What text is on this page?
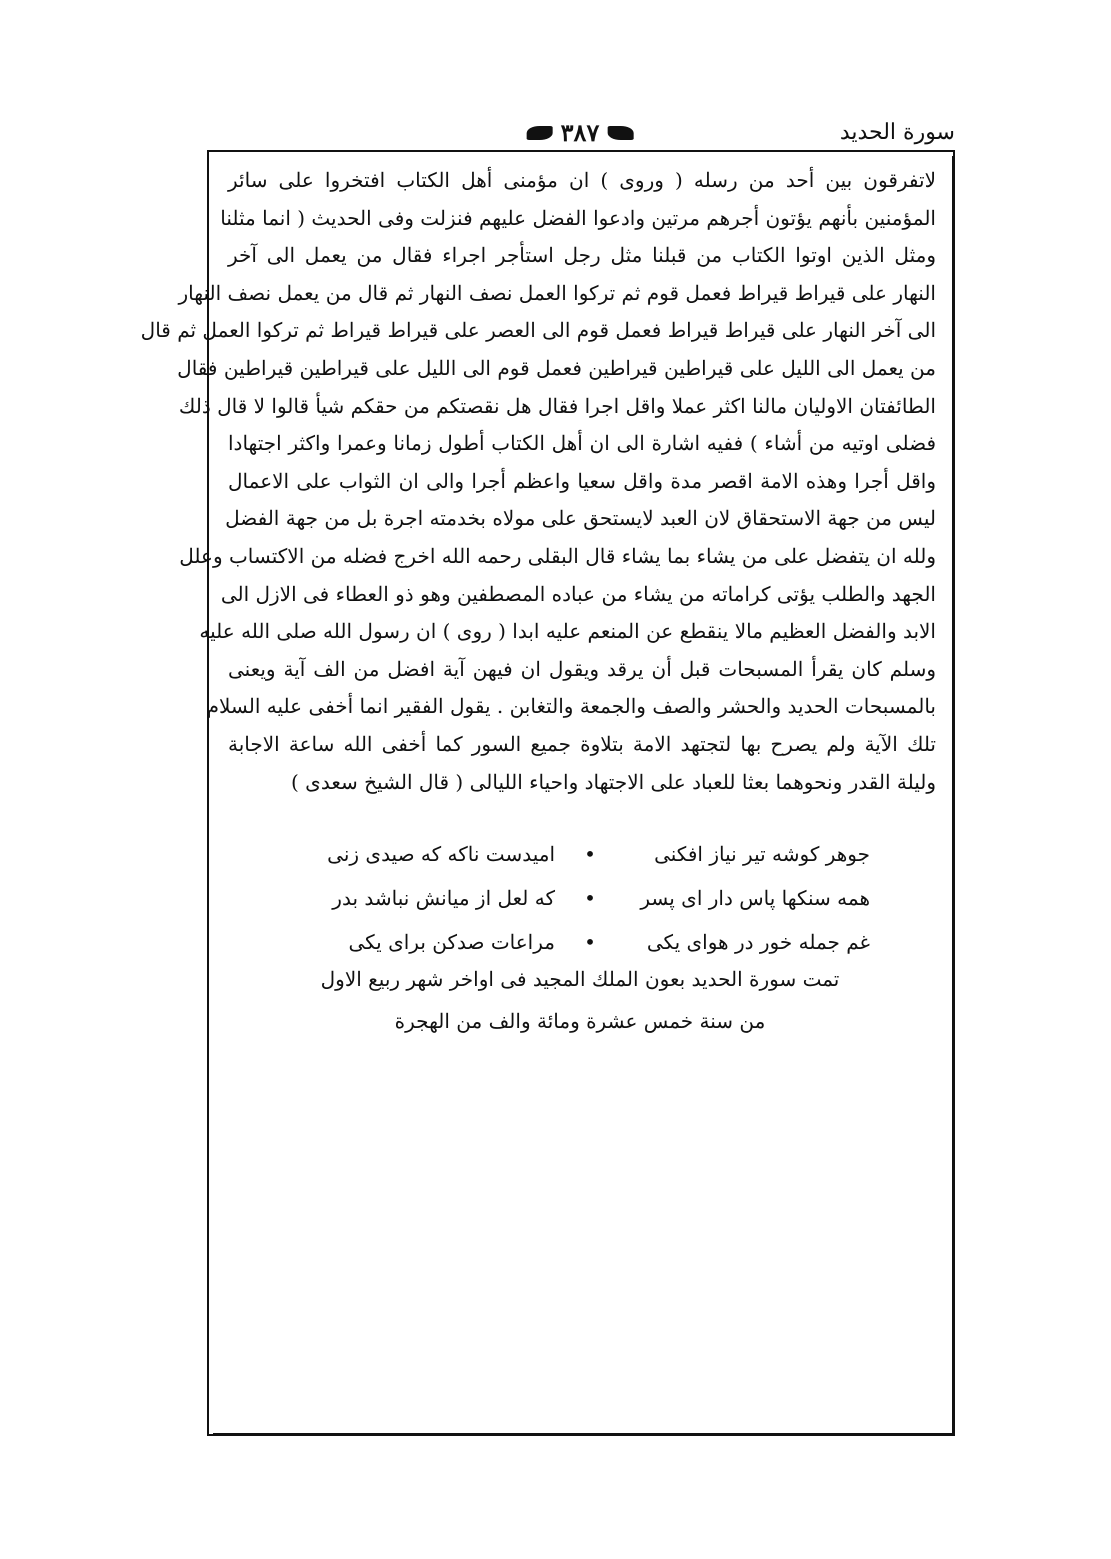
٣٨٧	سورة الحديد
لاتفرقون بين أحد من رسله ( وروى ) ان مؤمنى أهل الكتاب افتخروا على سائر
المؤمنين بأنهم يؤتون أجرهم مرتين وادعوا الفضل عليهم فنزلت وفى الحديث ( انما مثلنا
ومثل الذين اوتوا الكتاب من قبلنا مثل رجل استأجر اجراء فقال من يعمل الى آخر
النهار على قيراط قيراط فعمل قوم ثم تركوا العمل نصف النهار ثم قال من يعمل نصف النهار
الى آخر النهار على قيراط قيراط فعمل قوم الى العصر على قيراط قيراط ثم تركوا العمل ثم قال
من يعمل الى الليل على قيراطين قيراطين فعمل قوم الى الليل على قيراطين قيراطين فقال
الطائفتان الاوليان مالنا اكثر عملا واقل اجرا فقال هل نقصتكم من حقكم شيأ قالوا لا قال ذلك
فضلى اوتيه من أشاء ) ففيه اشارة الى ان أهل الكتاب أطول زمانا وعمرا واكثر اجتهادا
واقل أجرا وهذه الامة اقصر مدة واقل سعيا واعظم أجرا والى ان الثواب على الاعمال
ليس من جهة الاستحقاق لان العبد لايستحق على مولاه بخدمته اجرة بل من جهة الفضل
ولله ان يتفضل على من يشاء بما يشاء قال البقلى رحمه الله اخرج فضله من الاكتساب وعلل
الجهد والطلب يؤتى كراماته من يشاء من عباده المصطفين وهو ذو العطاء فى الازل الى
الابد والفضل العظيم مالا ينقطع عن المنعم عليه ابدا ( روى ) ان رسول الله صلى الله عليه
وسلم كان يقرأ المسبحات قبل أن يرقد ويقول ان فيهن آية افضل من الف آية ويعنى
بالمسبحات الحديد والحشر والصف والجمعة والتغابن . يقول الفقير انما أخفى عليه السلام
تلك الآية ولم يصرح بها لتجتهد الامة بتلاوة جميع السور كما أخفى الله ساعة الاجابة
وليلة القدر ونحوهما بعثا للعباد على الاجتهاد واحياء الليالى ( قال الشيخ سعدى )
جوهر كوشه تير نياز افكنى
•
اميدست ناكه كه صيدى زنى
همه سنكها پاس دار اى پسر
•
كه لعل از ميانش نباشد بدر
غم جمله خور در هواى يكى
•
مراعات صدكن براى يكى
تمت سورة الحديد بعون الملك المجيد فى اواخر شهر ربيع الاول
من سنة خمس عشرة ومائة والف من الهجرة
